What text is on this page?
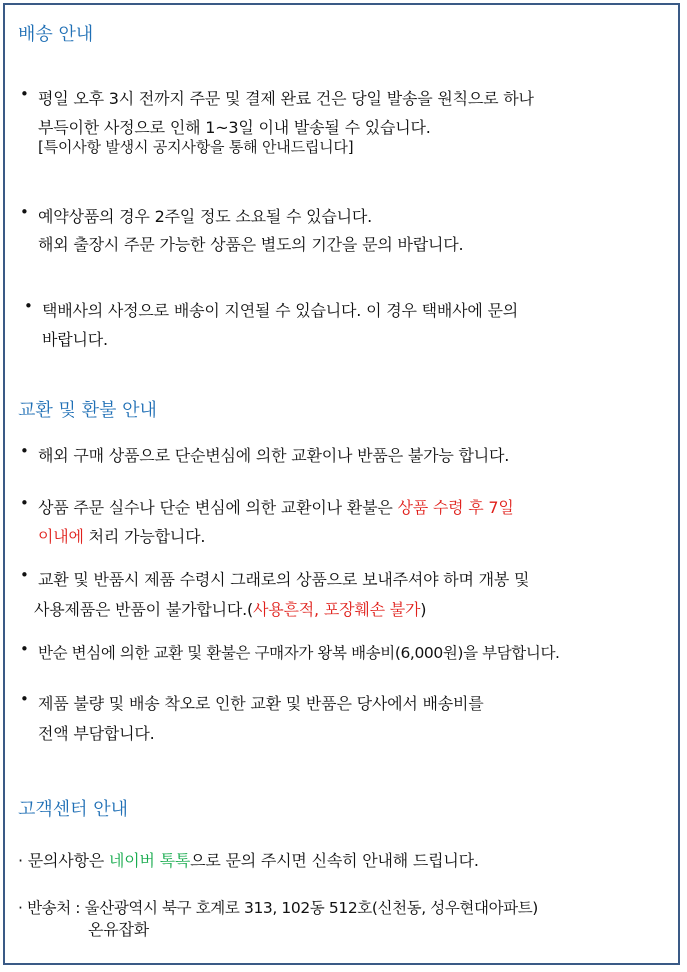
배송 안내
• 평일 오후 3시 전까지 주문 및 결제 완료 건은 당일 발송을 원칙으로 하나
부득이한 사정으로 인해 1~3일 이내 발송될 수 있습니다.
[특이사항 발생시 공지사항을 통해 안내드립니다]
• 예약상품의 경우 2주일 정도 소요될 수 있습니다.
해외 출장시 주문 가능한 상품은 별도의 기간을 문의 바랍니다.
• 택배사의 사정으로 배송이 지연될 수 있습니다. 이 경우 택배사에 문의
바랍니다.
교환 및 환불 안내
• 해외 구매 상품으로 단순변심에 의한 교환이나 반품은 불가능 합니다.
• 상품 주문 실수나 단순 변심에 의한 교환이나 환불은 상품 수령 후 7일
이내에 처리 가능합니다.
• 교환 및 반품시 제품 수령시 그래로의 상품으로 보내주셔야 하며 개봉 및
사용제품은 반품이 불가합니다.(사용흔적, 포장훼손 불가)
• 반순 변심에 의한 교환 및 환불은 구매자가 왕복 배송비(6,000원)을 부담합니다.
• 제품 불량 및 배송 착오로 인한 교환 및 반품은 당사에서 배송비를
전액 부담합니다.
고객센터 안내
· 문의사항은 네이버 톡톡으로 문의 주시면 신속히 안내해 드립니다.
· 반송처 : 울산광역시 북구 호계로 313, 102동 512호(신천동, 성우현대아파트)
온유잡화
